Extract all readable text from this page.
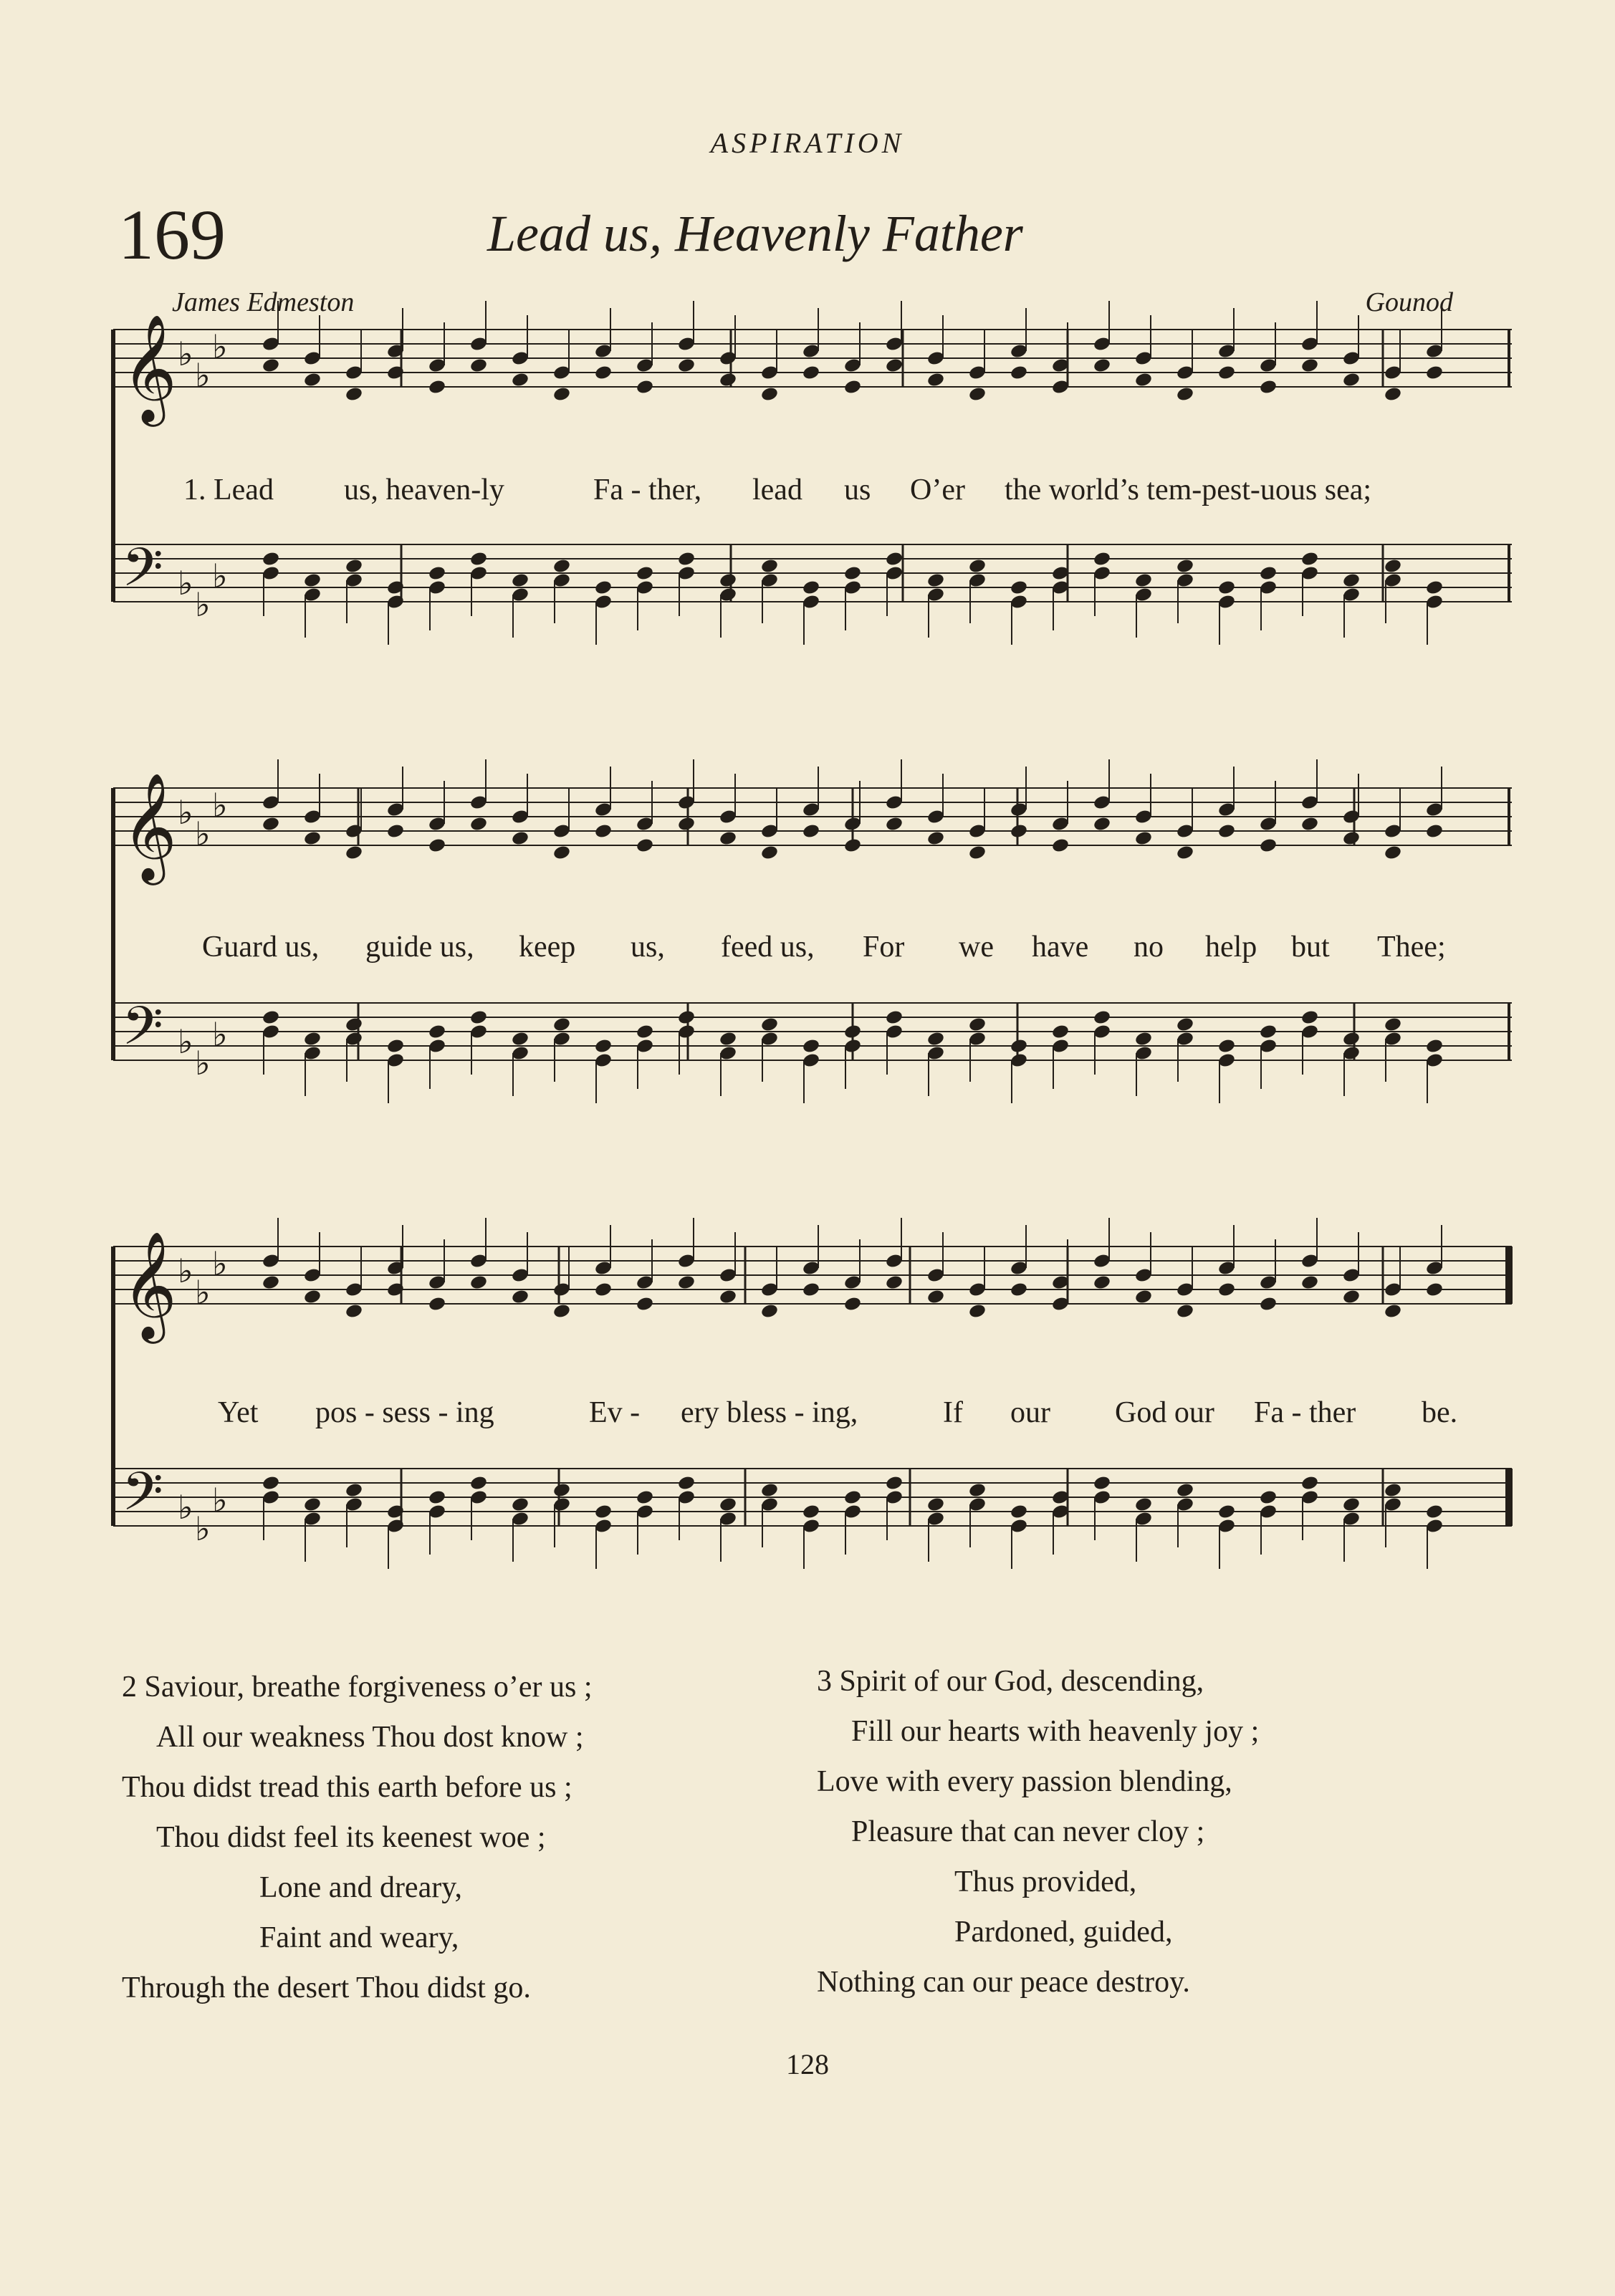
ASPIRATION
169	Lead us, Heavenly Father
James Edmeston	Gounod
𝄞 ♭
♭
♭
𝄢 ♭
♭
♭
1. Lead us, heaven-ly	Fa - ther, lead us O’er the world’s tem-pest-uous sea;
𝄞 ♭
♭
♭
𝄢 ♭
♭
♭
Guard us, guide us, keep us, feed us, For we have no help but Thee;
𝄞 ♭
♭
♭
𝄢 ♭
♭
♭
Yet pos - sess - ing	Ev - ery bless - ing,	If our God our Fa - ther be.
2 Saviour, breathe forgiveness o’er us ;
All our weakness Thou dost know ;
Thou didst tread this earth before us ;
Thou didst feel its keenest woe ;
Lone and dreary,
Faint and weary,
Through the desert Thou didst go.
3 Spirit of our God, descending,
Fill our hearts with heavenly joy ;
Love with every passion blending,
Pleasure that can never cloy ;
Thus provided,
Pardoned, guided,
Nothing can our peace destroy.
128
